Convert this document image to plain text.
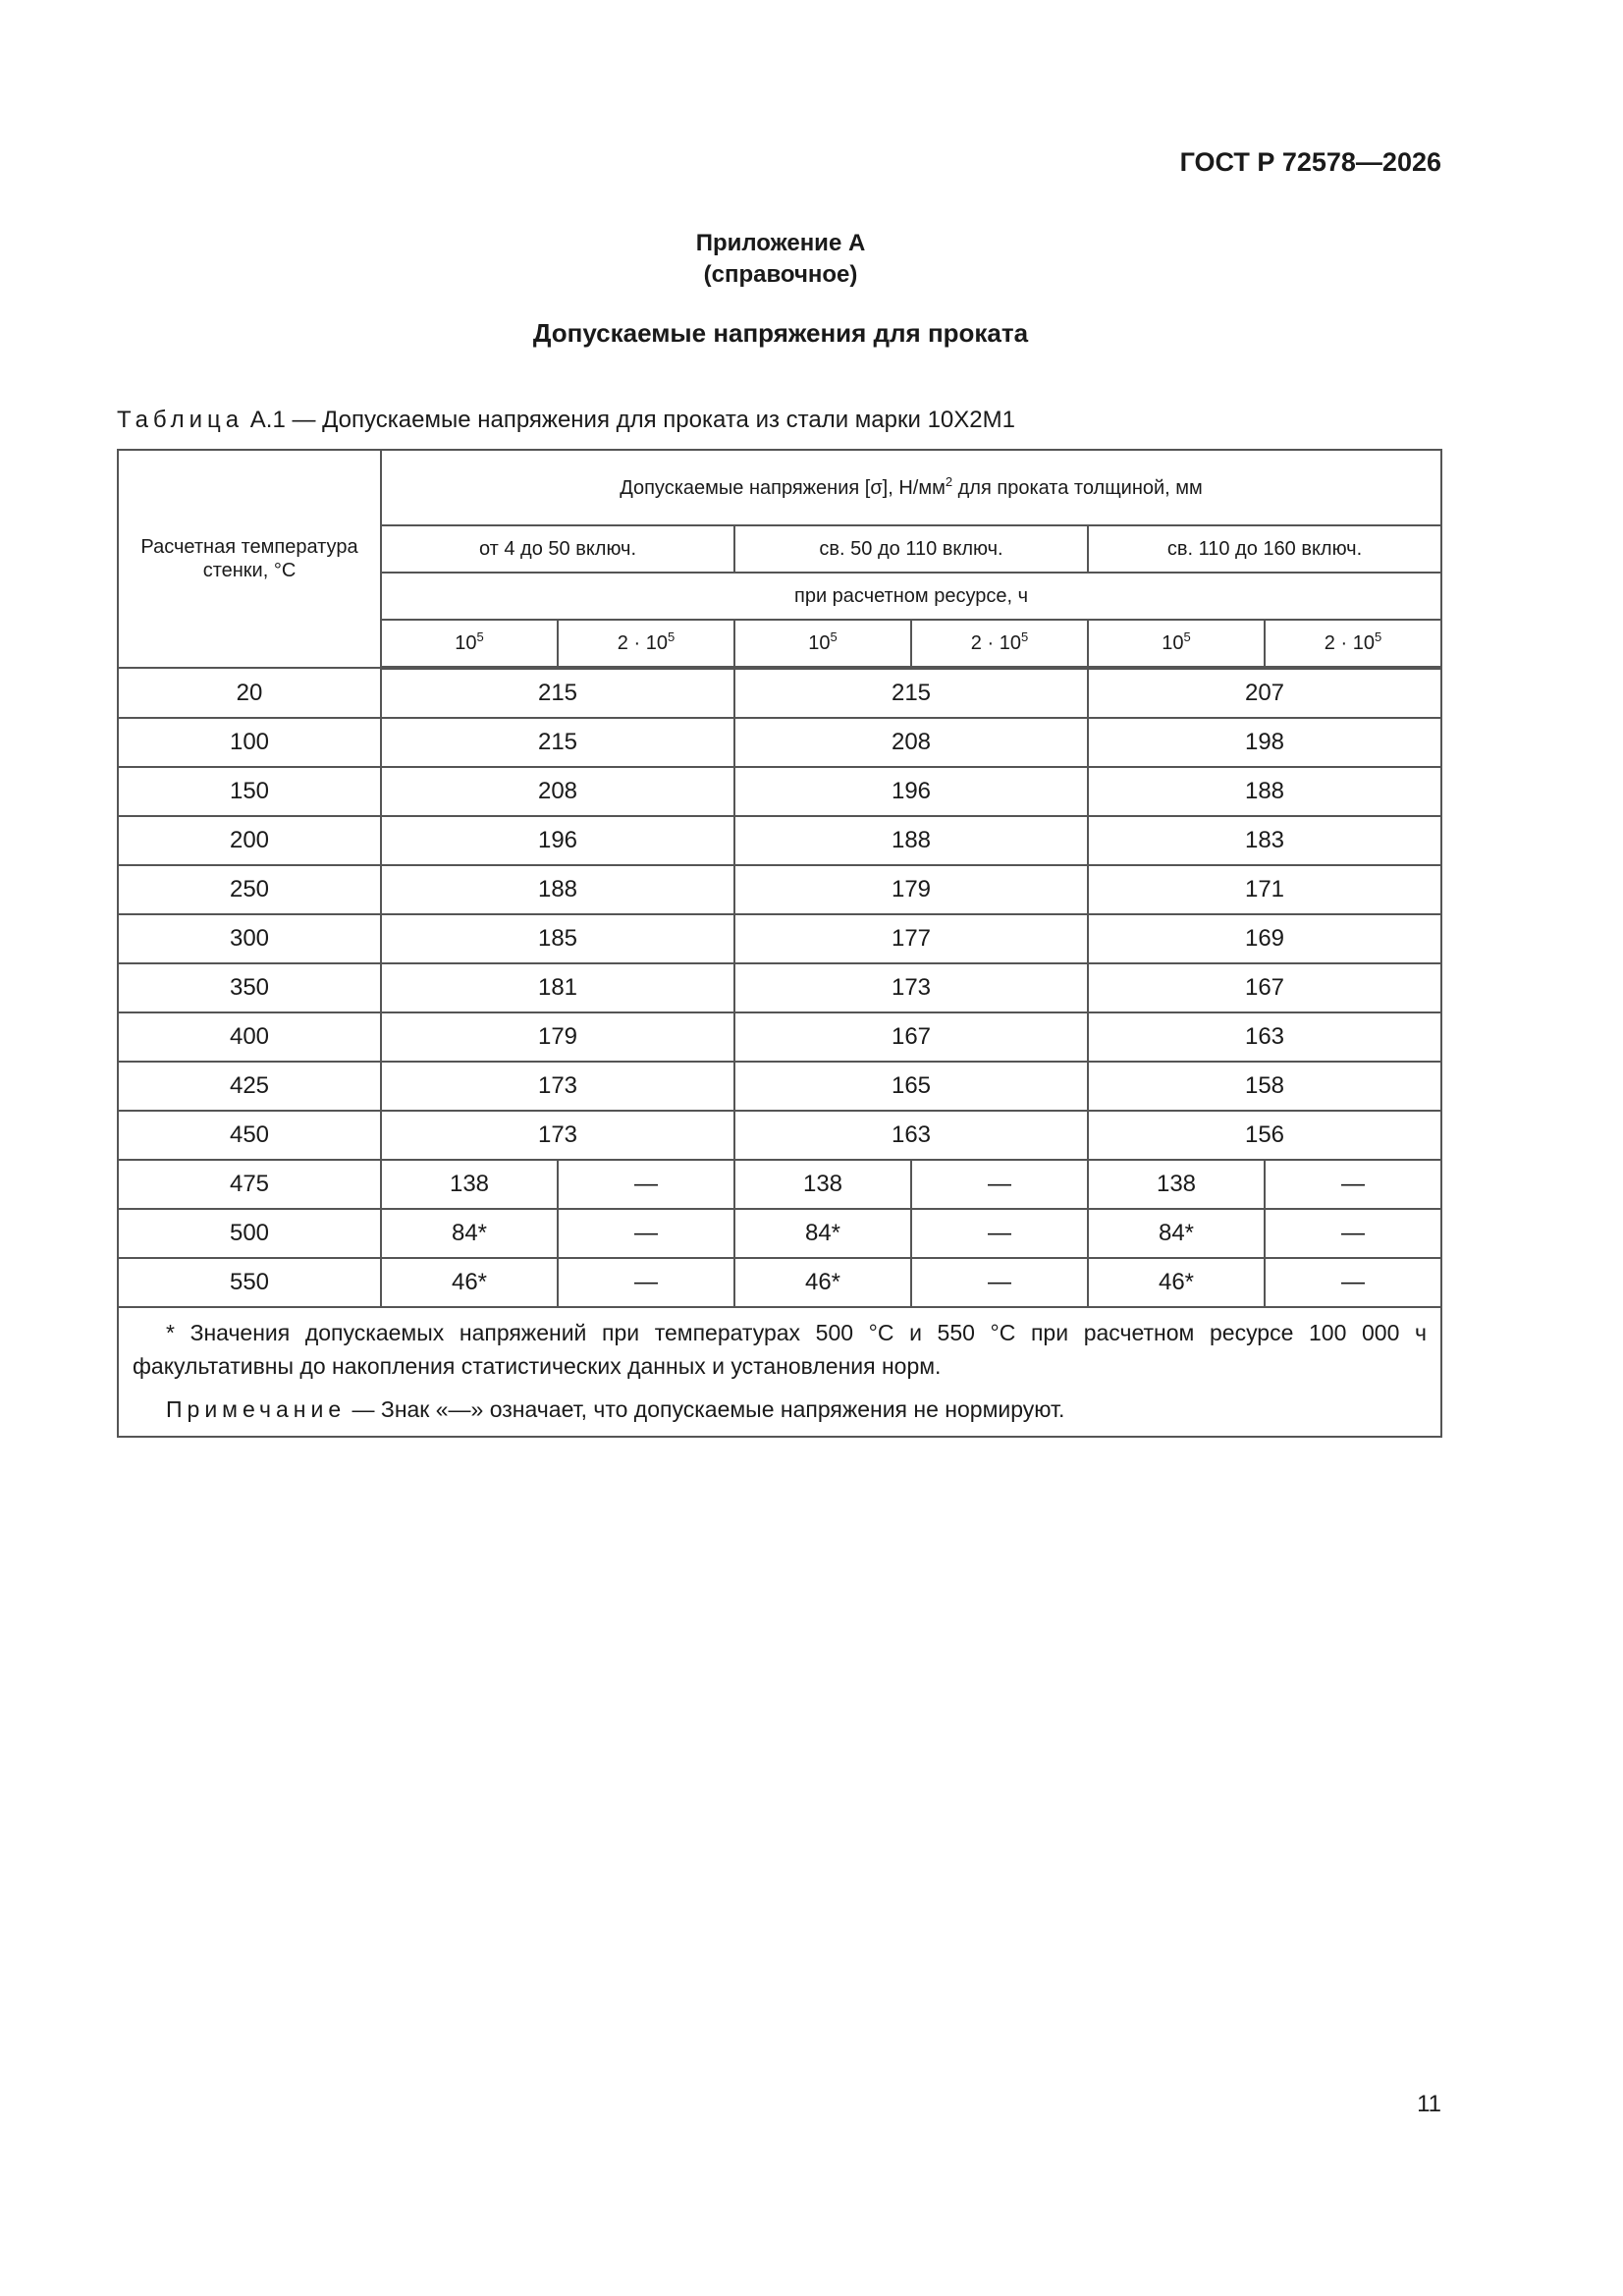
ГОСТ Р 72578—2026
Приложение А
(справочное)
Допускаемые напряжения для проката
Таблица А.1 — Допускаемые напряжения для проката из стали марки 10Х2М1
Расчетная температура стенки, °C	Допускаемые напряжения [σ], $Н/мм^2$ для проката толщиной, мм					
	от 4 до 50 включ.		св. 50 до 110 включ.		св. 110 до 160 включ.	
	при расчетном ресурсе, ч					
	$10^5$	$2 \cdot 10^5$	$10^5$	$2 \cdot 10^5$	$10^5$	$2 \cdot 10^5$
20	215		215		207	
100	215		208		198	
150	208		196		188	
200	196		188		183	
250	188		179		171	
300	185		177		169	
350	181		173		167	
400	179		167		163	
425	173		165		158	
450	173		163		156	
475	138	—	138	—	138	—
500	84*	—	84*	—	84*	—
550	46*	—	46*	—	46*	—

* Значения допускаемых напряжений при температурах 500 °C и 550 °C при расчетном ресурсе 100 000 ч факультативны до накопления статистических данных и установления норм.

Примечание — Знак «—» означает, что допускаемые напряжения не нормируют.						

11
